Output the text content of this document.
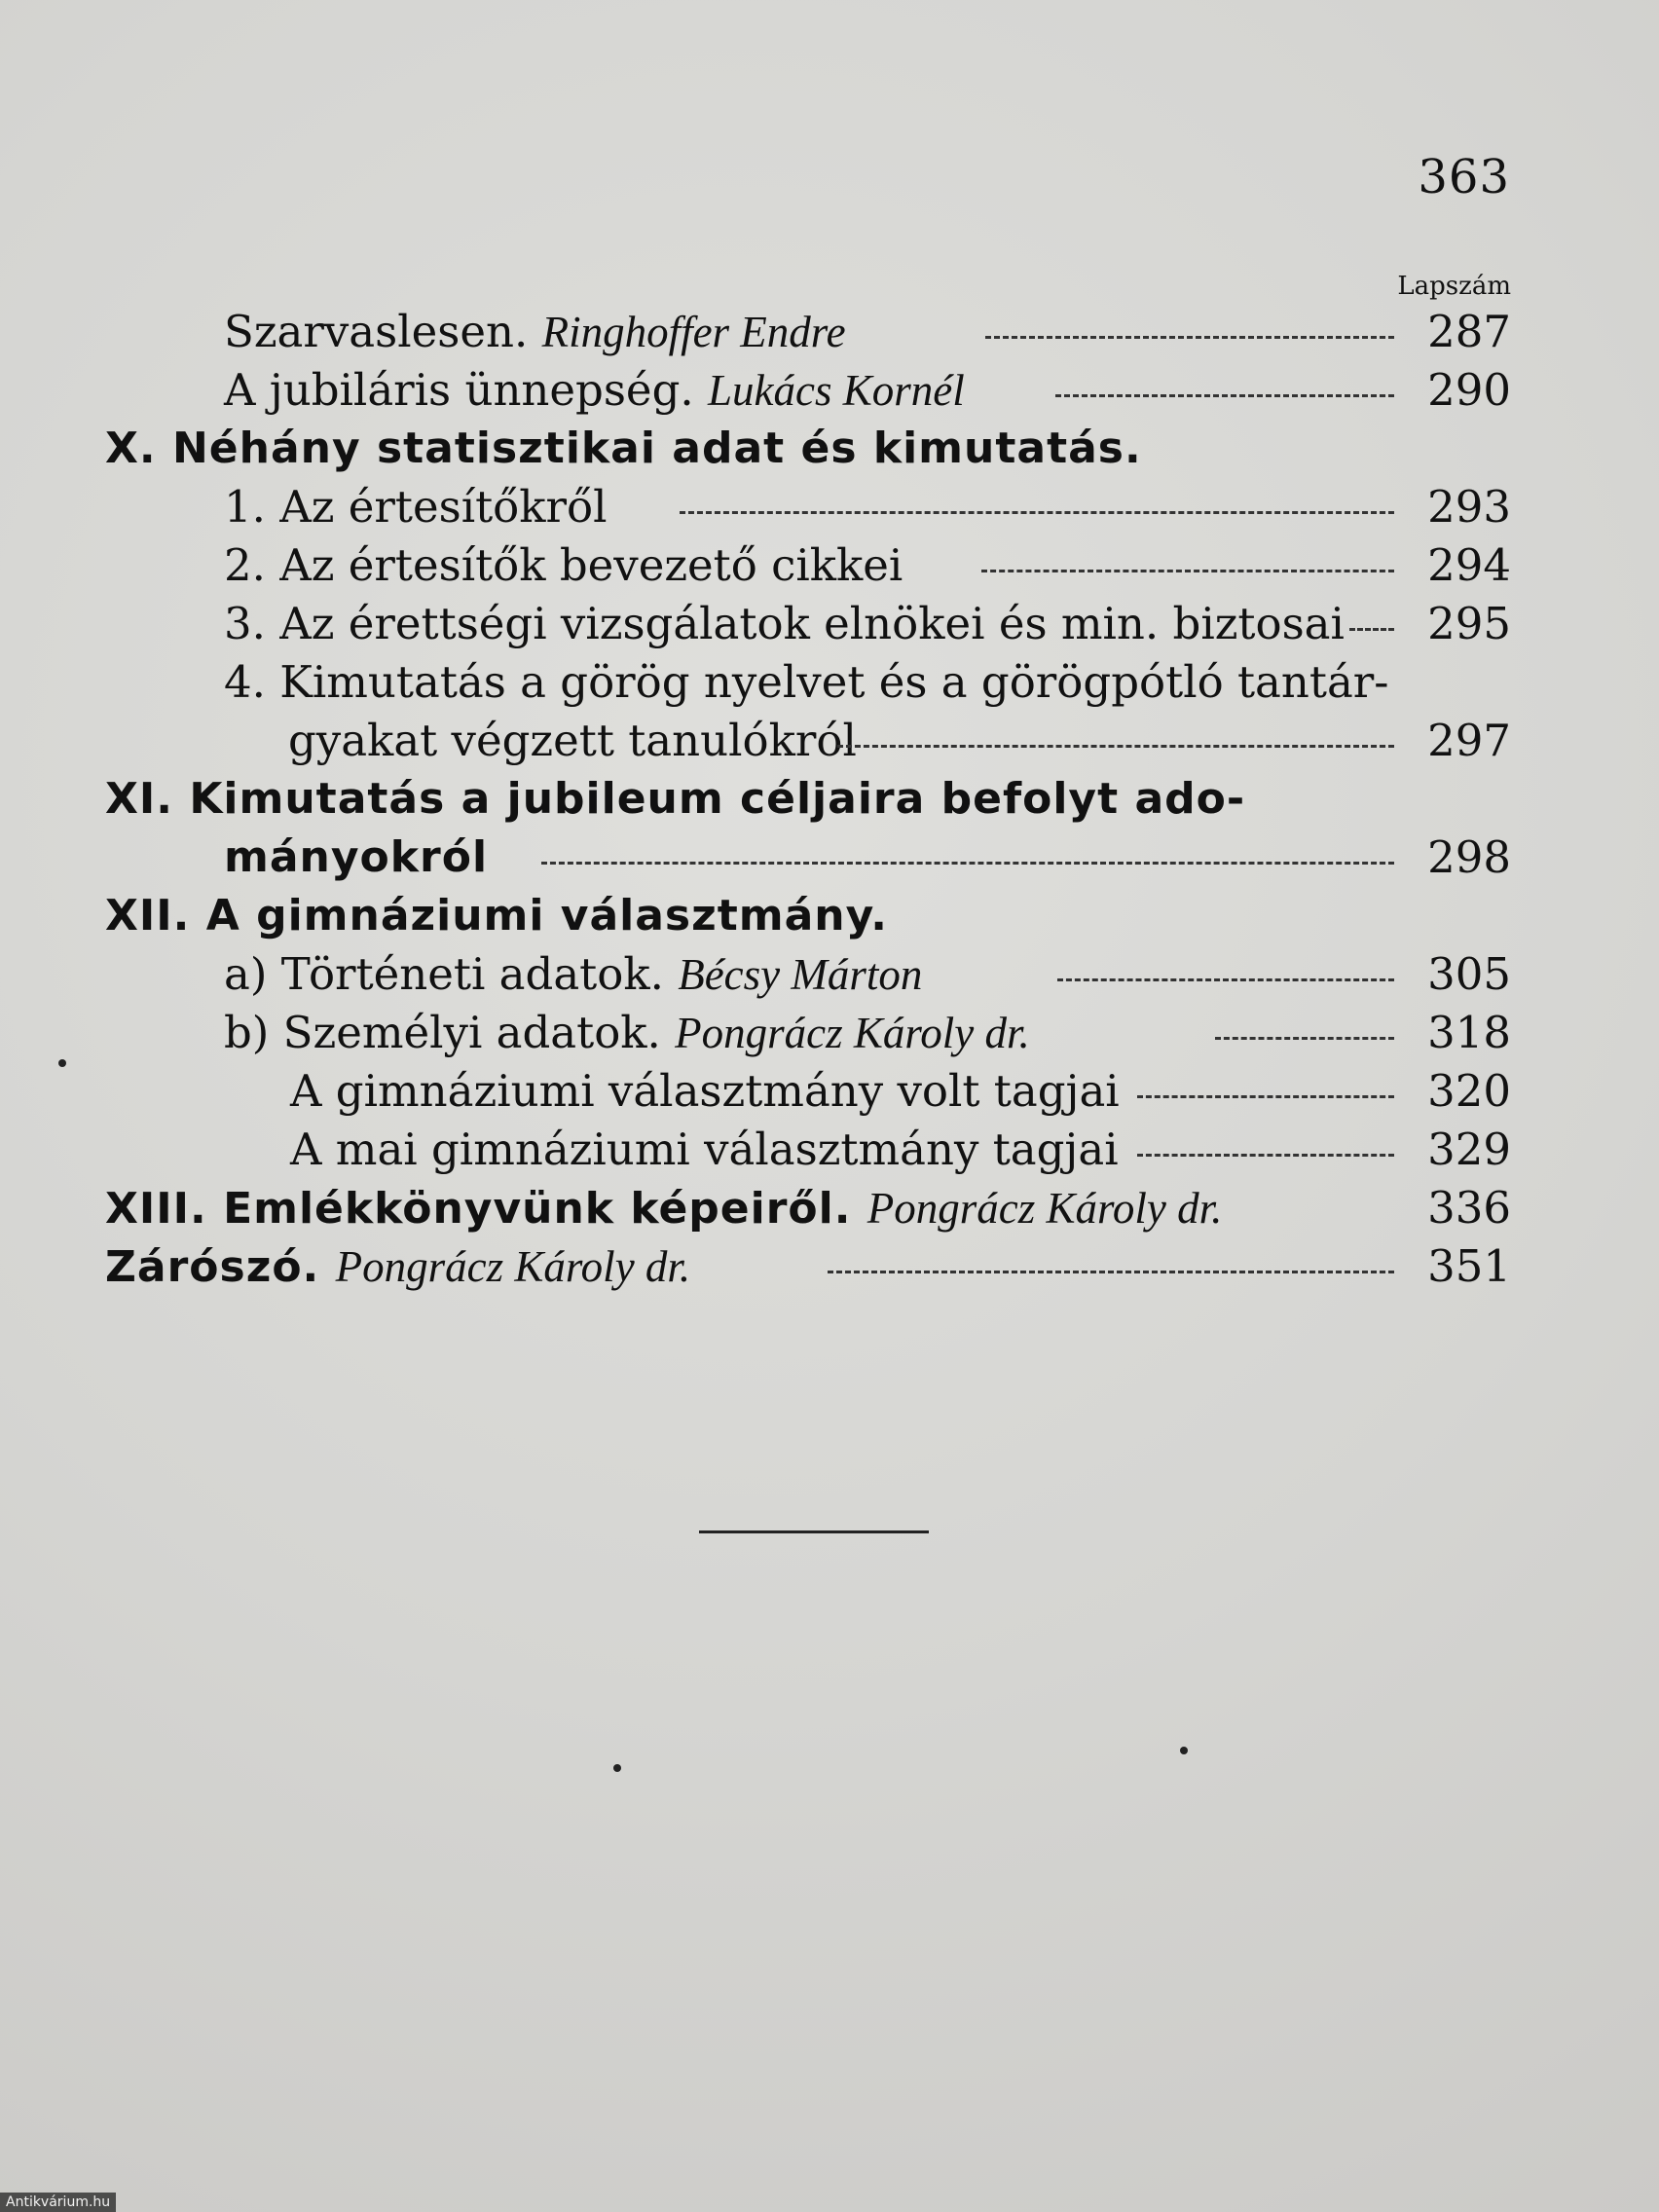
363
Lapszám
Szarvaslesen. Ringhoffer Endre	287
A jubiláris ünnepség. Lukács Kornél	290
X. Néhány statisztikai adat és kimutatás.
1. Az értesítőkről	293
2. Az értesítők bevezető cikkei	294
3. Az érettségi vizsgálatok elnökei és min. biztosai 295
4. Kimutatás a görög nyelvet és a görögpótló tantár-
gyakat végzett tanulókról	297
XI. Kimutatás a jubileum céljaira befolyt ado-
mányokról	298
XII. A gimnáziumi választmány.
a) Történeti adatok. Bécsy Márton	305
b) Személyi adatok. Pongrácz Károly dr.	318
A gimnáziumi választmány volt tagjai	320
A mai gimnáziumi választmány tagjai	329
XIII. Emlékkönyvünk képeiről. Pongrácz Károly dr.	336
Zárószó. Pongrácz Károly dr.	351
Antikvárium.hu
